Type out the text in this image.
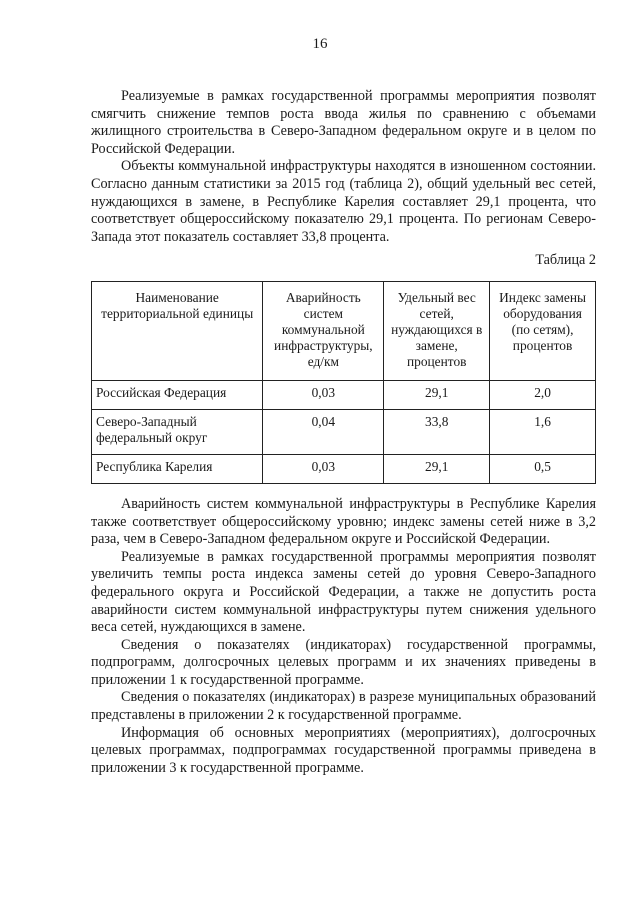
16

Реализуемые в рамках государственной программы мероприятия позволят смягчить снижение темпов роста ввода жилья по сравнению с объемами жилищного строительства в Северо-Западном федеральном округе и в целом по Российской Федерации.

Объекты коммунальной инфраструктуры находятся в изношенном состоянии. Согласно данным статистики за 2015 год (таблица 2), общий удельный вес сетей, нуждающихся в замене, в Республике Карелия составляет 29,1 процента, что соответствует общероссийскому показателю 29,1 процента. По регионам Северо-Запада этот показатель составляет 33,8 процента.

Таблица 2
Наименование территориальной единицы	Аварийность систем коммунальной инфраструктуры, ед/км	Удельный вес сетей, нуждающихся в замене, процентов	Индекс замены оборудования (по сетям), процентов
Российская Федерация	0,03	29,1	2,0
Северо-Западный федеральный округ	0,04	33,8	1,6
Республика Карелия	0,03	29,1	0,5

Аварийность систем коммунальной инфраструктуры в Республике Карелия также соответствует общероссийскому уровню; индекс замены сетей ниже в 3,2 раза, чем в Северо-Западном федеральном округе и Российской Федерации.

Реализуемые в рамках государственной программы мероприятия позволят увеличить темпы роста индекса замены сетей до уровня Северо-Западного федерального округа и Российской Федерации, а также не допустить роста аварийности систем коммунальной инфраструктуры путем снижения удельного веса сетей, нуждающихся в замене.

Сведения о показателях (индикаторах) государственной программы, подпрограмм, долгосрочных целевых программ и их значениях приведены в приложении 1 к государственной программе.

Сведения о показателях (индикаторах) в разрезе муниципальных образований представлены в приложении 2 к государственной программе.

Информация об основных мероприятиях (мероприятиях), долгосрочных целевых программах, подпрограммах государственной программы приведена в приложении 3 к государственной программе.
